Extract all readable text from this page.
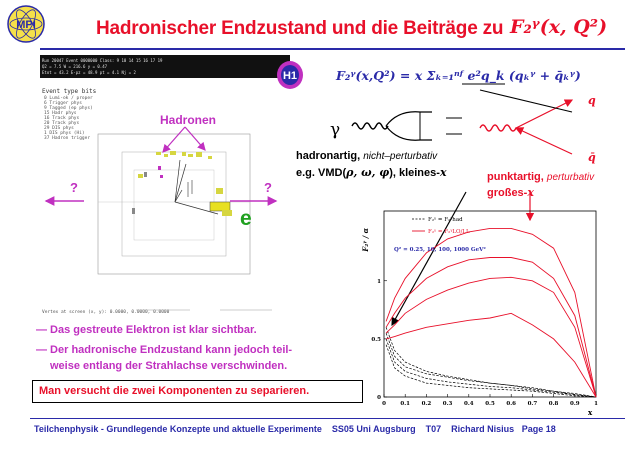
MPI	Hadronischer Endzustand und die Beiträge zu F₂ᵞ(x, Q²)
Run 20047 Event 0000000 Class: 9 10 14 15 16 17 19
Q2 = 7.5 W = 216.6 y = 0.47
Etot = 43.2 E-pz = 48.9 pt = 4.1 Nj = 2
Event type bits
0 Lumi-ok / proper
6 Trigger phys
9 Tagged (ep phys)
15 Hadr phys
16 Track phys
20 Track phys
29 DIS phys
1 DIS phys (Hi)
37 Hadron trigger
Vertex at screen (x, y): 0.0000, 0.0000, 0.0000
H1
Hadronen
?	?
e
F₂ᵞ(x,Q²) = x Σₖ₌₁ⁿᶠ e²q_k (qₖᵞ + q̄ₖᵞ)
γ
hadronartig, nicht–perturbativ
e.g. VMD(ρ, ω, φ), kleines-x	punktartig, perturbativ
großes-x
q
q̄
— Das gestreute Elektron ist klar sichtbar.
— Der hadronische Endzustand kann jedoch teil-
weise entlang der Strahlachse verschwinden.
Man versucht die zwei Komponenten zu separieren.
F₂ᵞ / α
x
0	0.1 0.2 0.3 0.4 0.5 0.6 0.7 0.8 0.9	1
0
0.5
1
F₂ᵞ = F₂ᵞhad
F₂ᵞ = F₂ᵞLO/LL
Q² = 0.25, 10, 100, 1000 GeV²
Teilchenphysik - Grundlegende Konzepte und aktuelle Experimente SS05 Uni Augsburg T07 Richard Nisius Page 18
